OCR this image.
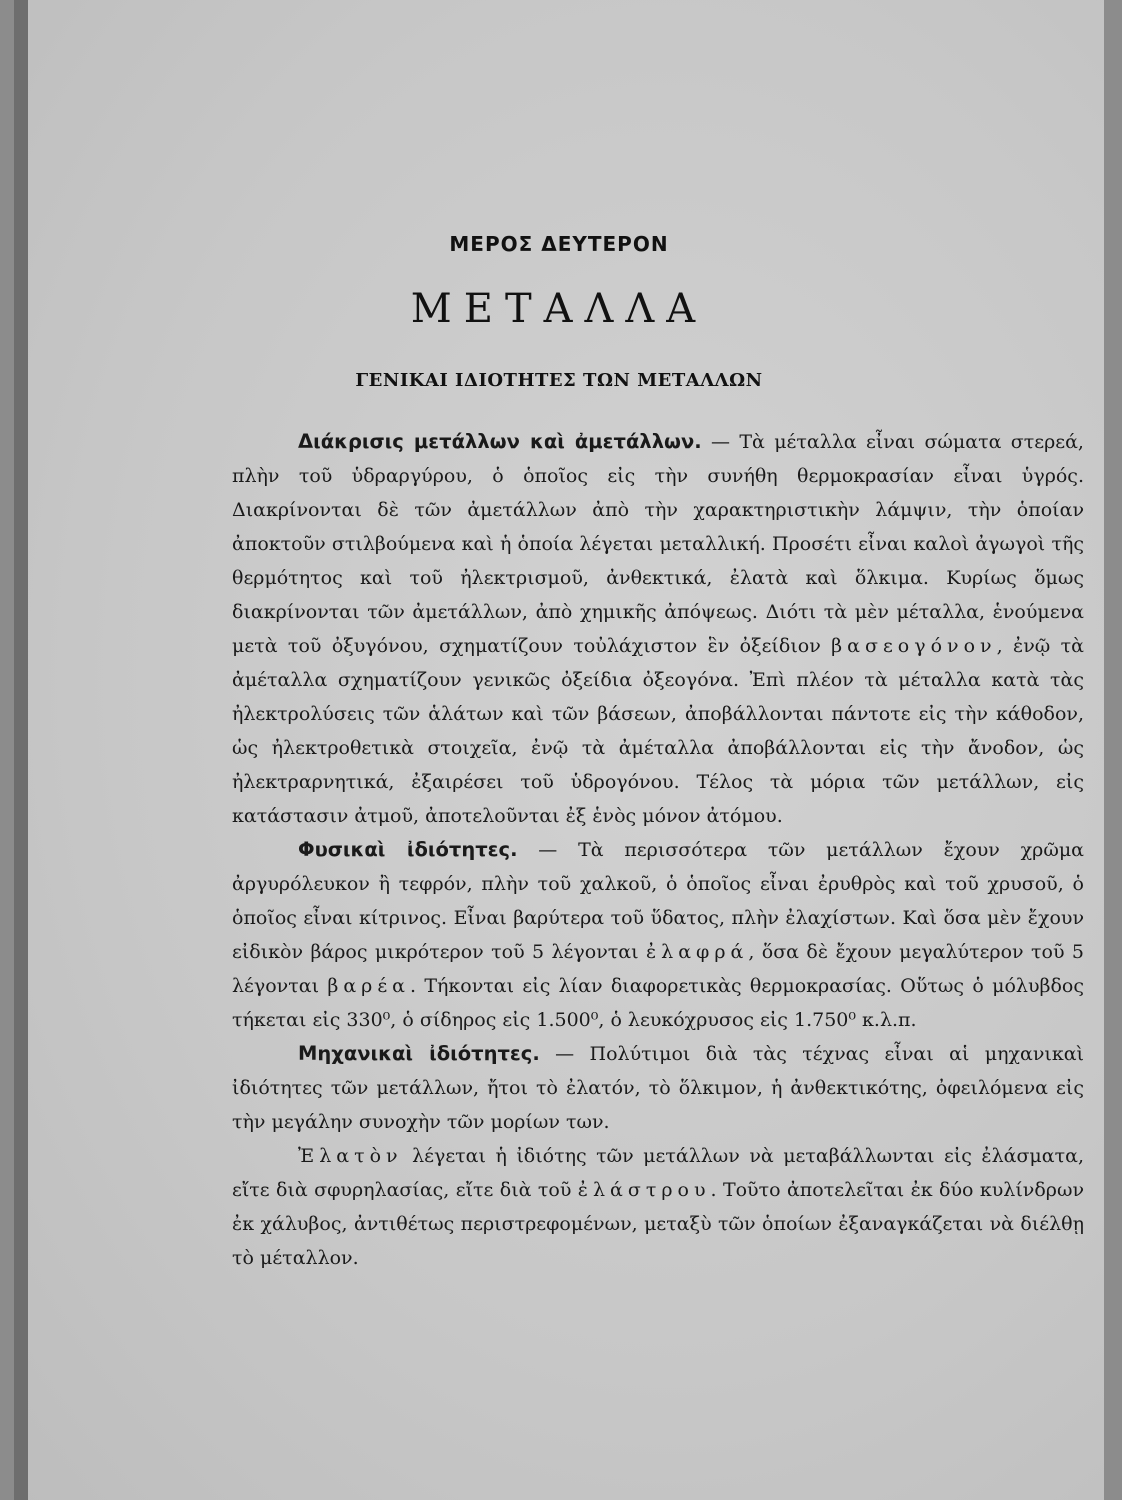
ΜΕΡΟΣ ΔΕΥΤΕΡΟΝ
ΜΕΤΑΛΛΑ
ΓΕΝΙΚΑΙ ΙΔΙΟΤΗΤΕΣ ΤΩΝ ΜΕΤΑΛΛΩΝ

Διάκρισις μετάλλων καὶ ἀμετάλλων. — Τὰ μέταλλα εἶναι σώματα στερεά, πλὴν τοῦ ὑδραργύρου, ὁ ὁποῖος εἰς τὴν συνήθη θερμοκρασίαν εἶναι ὑγρός. Διακρίνονται δὲ τῶν ἀμετάλλων ἀπὸ τὴν χαρακτηριστικὴν λάμψιν, τὴν ὁποίαν ἀποκτοῦν στιλβούμενα καὶ ἡ ὁποία λέγεται μεταλλική. Προσέτι εἶναι καλοὶ ἀγωγοὶ τῆς θερμότητος καὶ τοῦ ἠλεκτρισμοῦ, ἀνθεκτικά, ἐλατὰ καὶ ὅλκιμα. Κυρίως ὅμως διακρίνονται τῶν ἀμετάλλων, ἀπὸ χημικῆς ἀπόψεως. Διότι τὰ μὲν μέταλλα, ἑνούμενα μετὰ τοῦ ὀξυγόνου, σχηματίζουν τοὐλάχιστον ἓν ὀξείδιον βασεογόνον, ἐνῷ τὰ ἀμέταλλα σχηματίζουν γενικῶς ὀξείδια ὀξεογόνα. Ἐπὶ πλέον τὰ μέταλλα κατὰ τὰς ἠλεκτρολύσεις τῶν ἁλάτων καὶ τῶν βάσεων, ἀποβάλλονται πάντοτε εἰς τὴν κάθοδον, ὡς ἠλεκτροθετικὰ στοιχεῖα, ἐνῷ τὰ ἀμέταλλα ἀποβάλλονται εἰς τὴν ἄνοδον, ὡς ἠλεκτραρνητικά, ἐξαιρέσει τοῦ ὑδρογόνου. Τέλος τὰ μόρια τῶν μετάλλων, εἰς κατάστασιν ἀτμοῦ, ἀποτελοῦνται ἐξ ἑνὸς μόνον ἀτόμου.

Φυσικαὶ ἰδιότητες. — Τὰ περισσότερα τῶν μετάλλων ἔχουν χρῶμα ἀργυρόλευκον ἢ τεφρόν, πλὴν τοῦ χαλκοῦ, ὁ ὁποῖος εἶναι ἐρυθρὸς καὶ τοῦ χρυσοῦ, ὁ ὁποῖος εἶναι κίτρινος. Εἶναι βαρύτερα τοῦ ὕδατος, πλὴν ἐλαχίστων. Καὶ ὅσα μὲν ἔχουν εἰδικὸν βάρος μικρότερον τοῦ 5 λέγονται ἐλαφρά, ὅσα δὲ ἔχουν μεγαλύτερον τοῦ 5 λέγονται βαρέα. Τήκονται εἰς λίαν διαφορετικὰς θερμοκρασίας. Οὕτως ὁ μόλυβδος τήκεται εἰς 330⁰, ὁ σίδηρος εἰς 1.500⁰, ὁ λευκόχρυσος εἰς 1.750⁰ κ.λ.π.

Μηχανικαὶ ἰδιότητες. — Πολύτιμοι διὰ τὰς τέχνας εἶναι αἱ μηχανικαὶ ἰδιότητες τῶν μετάλλων, ἤτοι τὸ ἐλατόν, τὸ ὅλκιμον, ἡ ἀνθεκτικότης, ὀφειλόμενα εἰς τὴν μεγάλην συνοχὴν τῶν μορίων των.

Ἐλατὸν λέγεται ἡ ἰδιότης τῶν μετάλλων νὰ μεταβάλλωνται εἰς ἐλάσματα, εἴτε διὰ σφυρηλασίας, εἴτε διὰ τοῦ ἐλάστρου. Τοῦτο ἀποτελεῖται ἐκ δύο κυλίνδρων ἐκ χάλυβος, ἀντιθέτως περιστρεφομένων, μεταξὺ τῶν ὁποίων ἐξαναγκάζεται νὰ διέλθῃ τὸ μέταλλον.
